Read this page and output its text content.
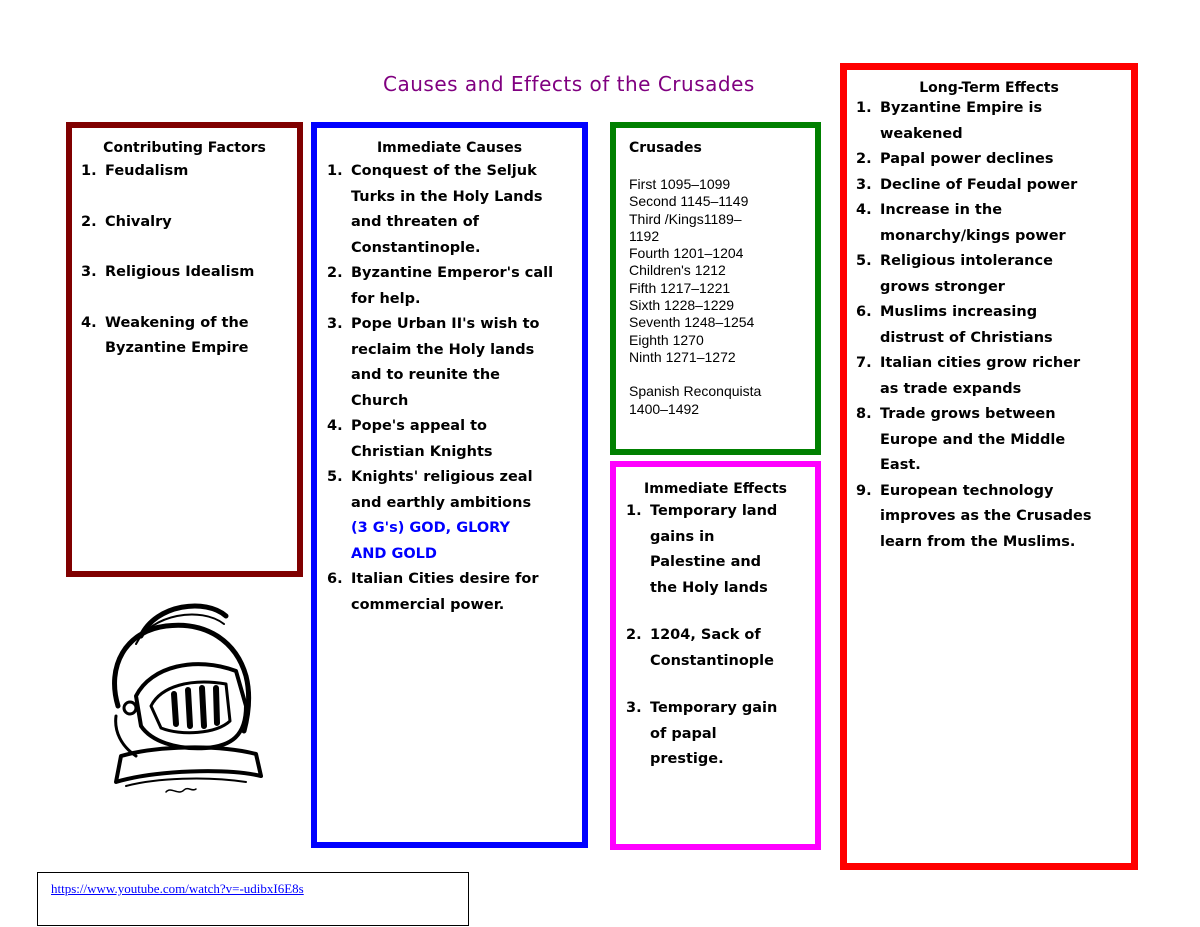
Causes and Effects of the Crusades
Contributing Factors
1. Feudalism
2. Chivalry
3. Religious Idealism
4. Weakening of the
Byzantine Empire
Immediate Causes
1. Conquest of the Seljuk
Turks in the Holy Lands
and threaten of
Constantinople.
2. Byzantine Emperor's call
for help.
3. Pope Urban II's wish to
reclaim the Holy lands
and to reunite the
Church
4. Pope's appeal to
Christian Knights
5. Knights' religious zeal
and earthly ambitions
(3 G's) GOD, GLORY
AND GOLD
6. Italian Cities desire for
commercial power.
Crusades
First 1095–1099
Second 1145–1149
Third /Kings1189–
1192
Fourth 1201–1204
Children's 1212
Fifth 1217–1221
Sixth 1228–1229
Seventh 1248–1254
Eighth 1270
Ninth 1271–1272
Spanish Reconquista
1400–1492
Immediate Effects
1. Temporary land
gains in
Palestine and
the Holy lands
2. 1204, Sack of
Constantinople
3. Temporary gain
of papal
prestige.
Long-Term Effects
1. Byzantine Empire is
weakened
2. Papal power declines
3. Decline of Feudal power
4. Increase in the
monarchy/kings power
5. Religious intolerance
grows stronger
6. Muslims increasing
distrust of Christians
7. Italian cities grow richer
as trade expands
8. Trade grows between
Europe and the Middle
East.
9. European technology
improves as the Crusades
learn from the Muslims.
https://www.youtube.com/watch?v=-udibxI6E8s
